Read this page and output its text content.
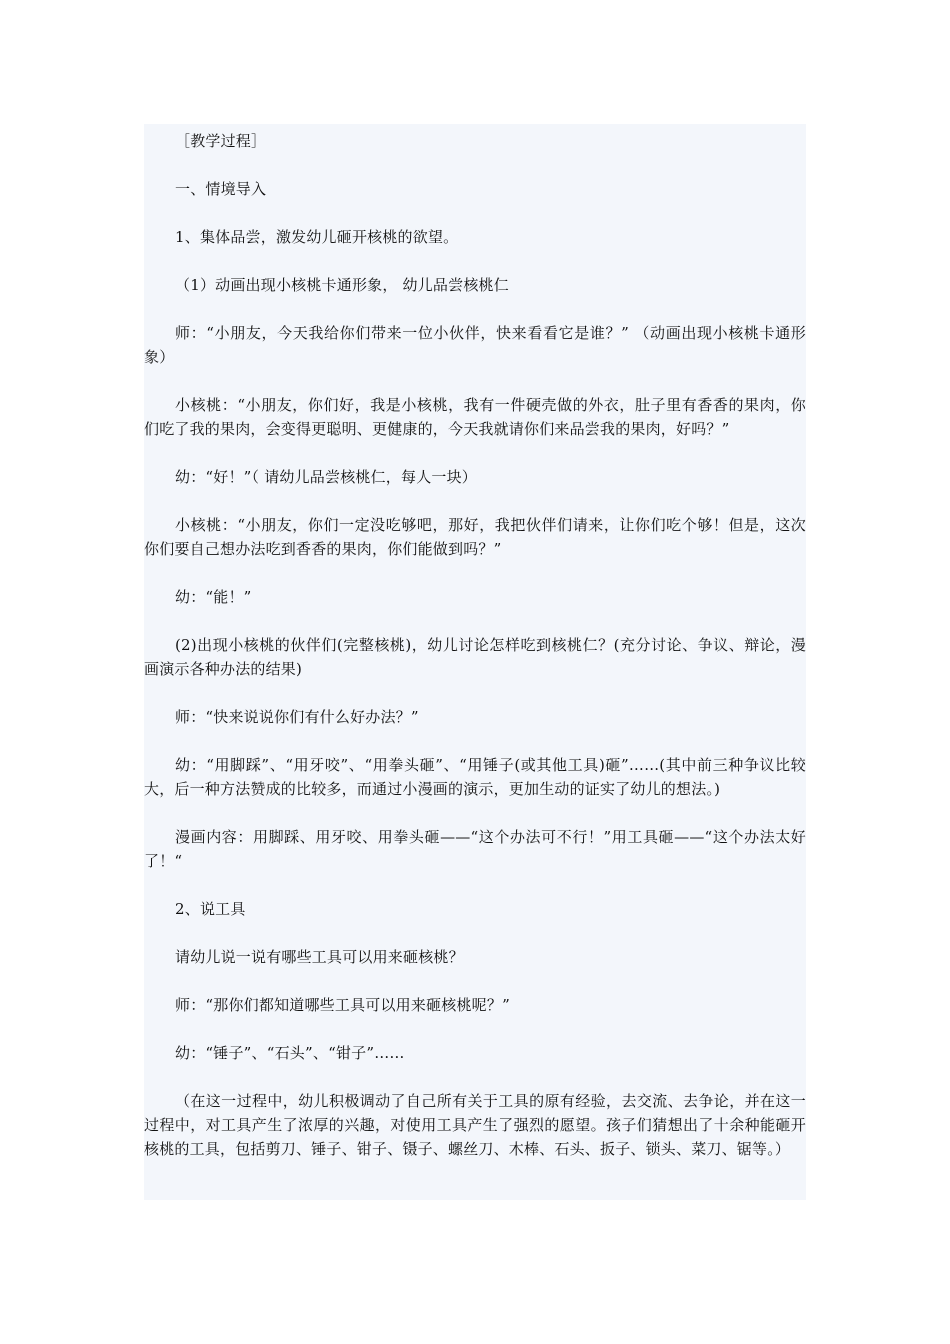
［教学过程］

一、情境导入

1、集体品尝，激发幼儿砸开核桃的欲望。

（1）动画出现小核桃卡通形象， 幼儿品尝核桃仁

师：“小朋友，今天我给你们带来一位小伙伴，快来看看它是谁？” （动画出现小核桃卡通形象）

小核桃：“小朋友，你们好，我是小核桃，我有一件硬壳做的外衣，肚子里有香香的果肉，你们吃了我的果肉，会变得更聪明、更健康的，今天我就请你们来品尝我的果肉，好吗？”

幼：“好！”（ 请幼儿品尝核桃仁，每人一块）

小核桃：“小朋友，你们一定没吃够吧，那好，我把伙伴们请来，让你们吃个够！但是，这次你们要自己想办法吃到香香的果肉，你们能做到吗？”

幼：“能！”

(2)出现小核桃的伙伴们(完整核桃)，幼儿讨论怎样吃到核桃仁？(充分讨论、争议、辩论，漫画演示各种办法的结果)

师：“快来说说你们有什么好办法？”

幼：“用脚踩”、“用牙咬”、“用拳头砸”、“用锤子(或其他工具)砸”……(其中前三种争议比较大，后一种方法赞成的比较多，而通过小漫画的演示，更加生动的证实了幼儿的想法。)

漫画内容：用脚踩、用牙咬、用拳头砸——“这个办法可不行！”用工具砸——“这个办法太好了！“

2、说工具

请幼儿说一说有哪些工具可以用来砸核桃？

师：“那你们都知道哪些工具可以用来砸核桃呢？”

幼：“锤子”、“石头”、“钳子”……

（在这一过程中，幼儿积极调动了自己所有关于工具的原有经验，去交流、去争论，并在这一过程中，对工具产生了浓厚的兴趣，对使用工具产生了强烈的愿望。孩子们猜想出了十余种能砸开核桃的工具，包括剪刀、锤子、钳子、镊子、螺丝刀、木棒、石头、扳子、锁头、菜刀、锯等。）
